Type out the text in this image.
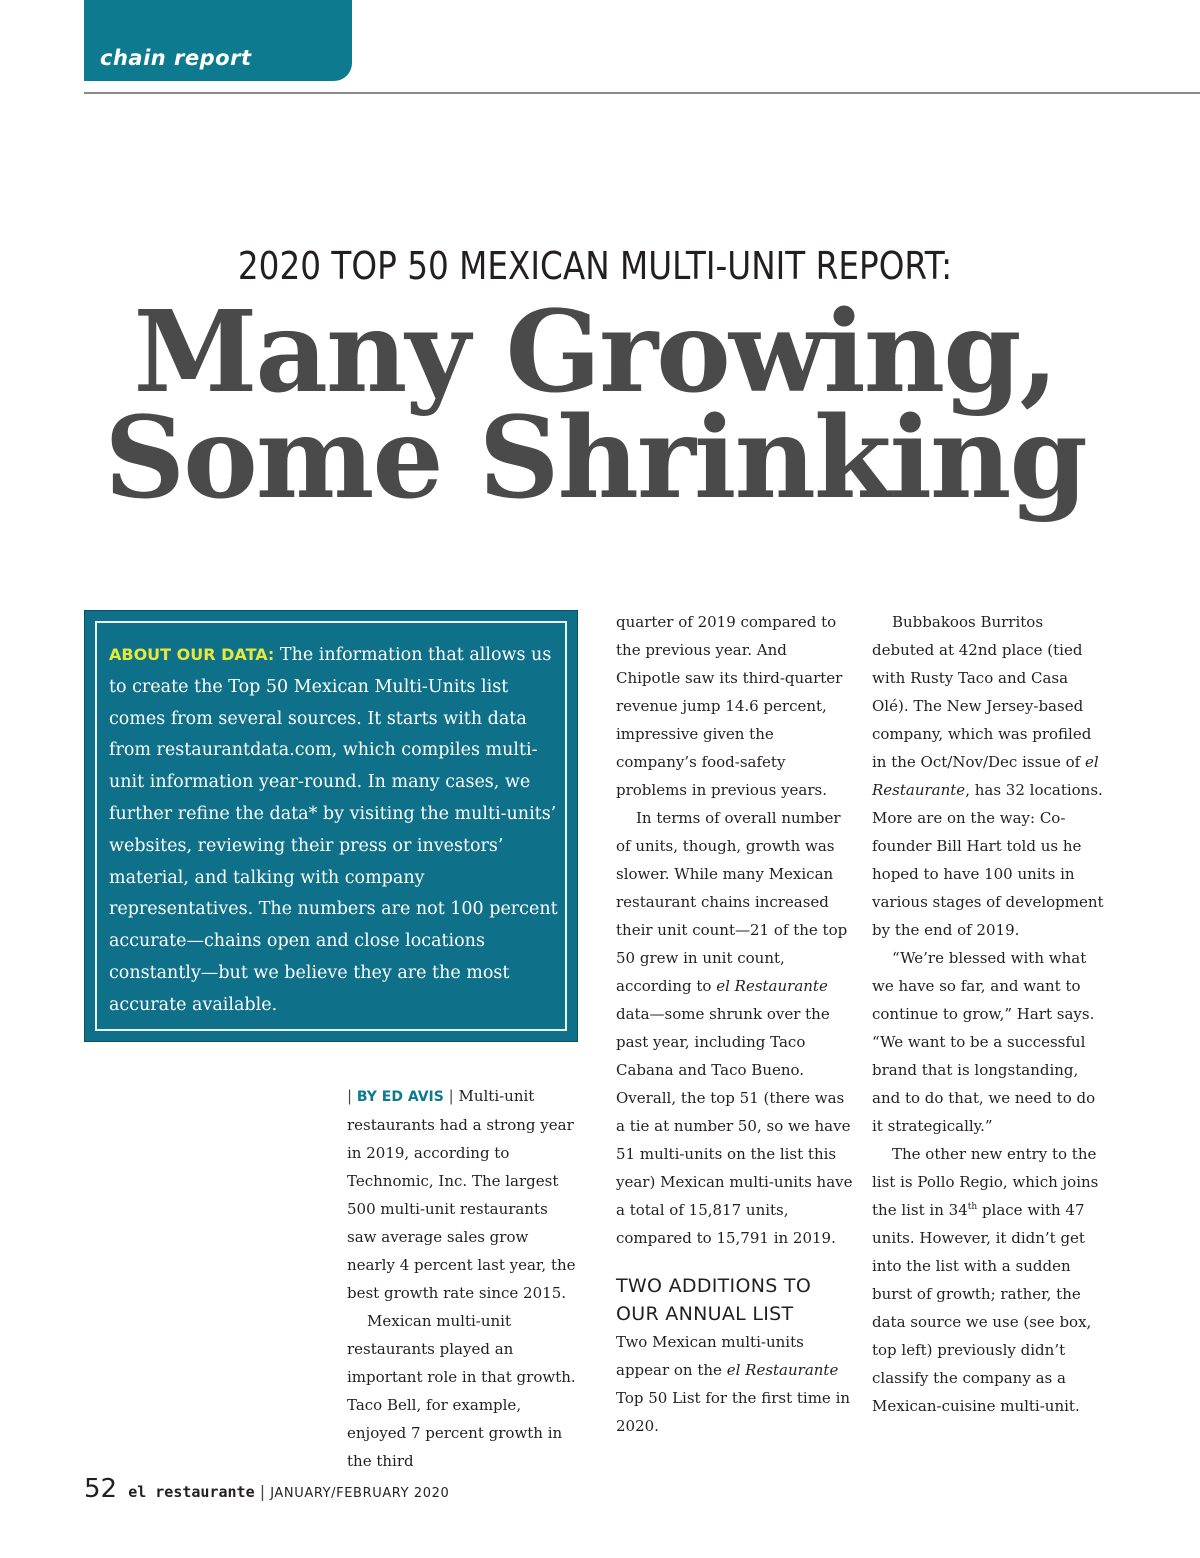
chain report
2020 TOP 50 MEXICAN MULTI-UNIT REPORT:
Many Growing,
Some Shrinking
ABOUT OUR DATA: The information that allows us to create the Top 50 Mexican Multi-Units list comes from several sources. It starts with data from restaurantdata.com, which compiles multi-unit information year-round. In many cases, we further refine the data* by visiting the multi-units’ websites, reviewing their press or investors’ material, and talking with company representatives. The numbers are not 100 percent accurate—chains open and close locations constantly—but we believe they are the most accurate available.

| BY ED AVIS | Multi-unit restaurants had a strong year in 2019, according to Technomic, Inc. The largest 500 multi-unit restaurants saw average sales grow nearly 4 percent last year, the best growth rate since 2015.

Mexican multi-unit restaurants played an important role in that growth. Taco Bell, for example, enjoyed 7 percent growth in the third

quarter of 2019 compared to the previous year. And Chipotle saw its third-quarter revenue jump 14.6 percent, impressive given the company’s food-safety problems in previous years.

In terms of overall number of units, though, growth was slower. While many Mexican restaurant chains increased their unit count—21 of the top 50 grew in unit count, according to el Restaurante data—some shrunk over the past year, including Taco Cabana and Taco Bueno. Overall, the top 51 (there was a tie at number 50, so we have 51 multi-units on the list this year) Mexican multi-units have a total of 15,817 units, compared to 15,791 in 2019.

TWO ADDITIONS TO
OUR ANNUAL LIST

Two Mexican multi-units appear on the el Restaurante Top 50 List for the first time in 2020.

Bubbakoos Burritos debuted at 42nd place (tied with Rusty Taco and Casa Olé). The New Jersey-based company, which was profiled in the Oct/Nov/Dec issue of el Restaurante, has 32 locations. More are on the way: Co-founder Bill Hart told us he hoped to have 100 units in various stages of development by the end of 2019.

“We’re blessed with what we have so far, and want to continue to grow,” Hart says. “We want to be a successful brand that is longstanding, and to do that, we need to do it strategically.”

The other new entry to the list is Pollo Regio, which joins the list in 34th place with 47 units. However, it didn’t get into the list with a sudden burst of growth; rather, the data source we use (see box, top left) previously didn’t classify the company as a Mexican-cuisine multi-unit.

52 el restaurante | JANUARY/FEBRUARY 2020
